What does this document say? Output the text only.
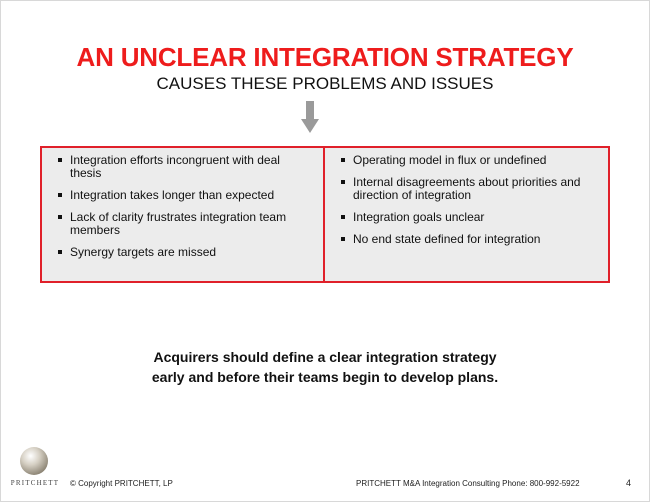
AN UNCLEAR INTEGRATION STRATEGY
CAUSES THESE PROBLEMS AND ISSUES
Integration efforts incongruent with deal thesis
Integration takes longer than expected
Lack of clarity frustrates integration team members
Synergy targets are missed
Operating model in flux or undefined
Internal disagreements about priorities and direction of integration
Integration goals unclear
No end state defined for integration
Acquirers should define a clear integration strategy
early and before their teams begin to develop plans.
PRITCHETT	© Copyright PRITCHETT, LP	PRITCHETT M&A Integration Consulting Phone: 800-992-5922	4
